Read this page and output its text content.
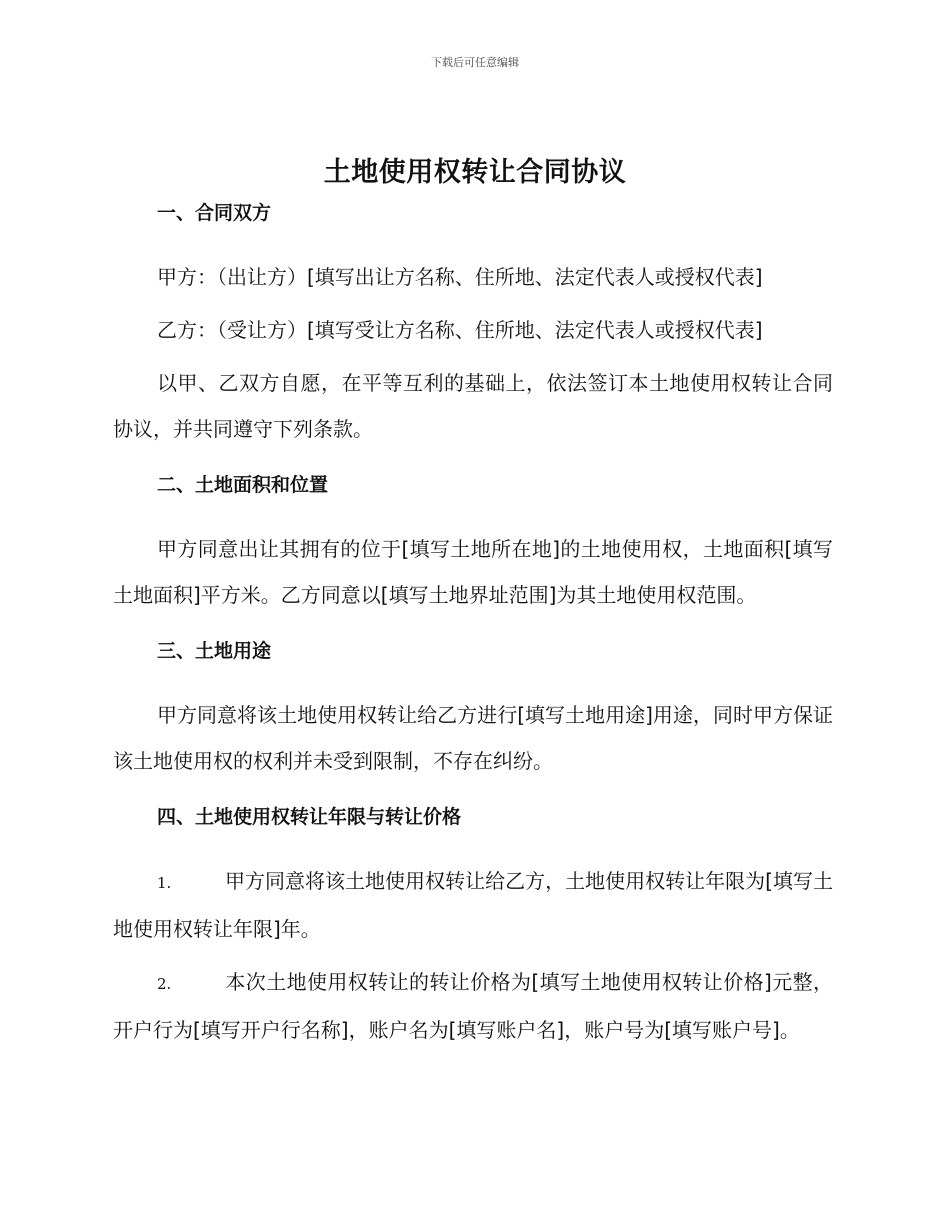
下载后可任意编辑
土地使用权转让合同协议
一、合同双方

甲方：（出让方）[填写出让方名称、住所地、法定代表人或授权代表]

乙方：（受让方）[填写受让方名称、住所地、法定代表人或授权代表]

以甲、乙双方自愿，在平等互利的基础上，依法签订本土地使用权转让合同协议，并共同遵守下列条款。

二、土地面积和位置

甲方同意出让其拥有的位于[填写土地所在地]的土地使用权，土地面积[填写土地面积]平方米。乙方同意以[填写土地界址范围]为其土地使用权范围。

三、土地用途

甲方同意将该土地使用权转让给乙方进行[填写土地用途]用途，同时甲方保证该土地使用权的权利并未受到限制，不存在纠纷。

四、土地使用权转让年限与转让价格

1.	甲方同意将该土地使用权转让给乙方，土地使用权转让年限为[填写土地使用权转让年限]年。

2.	本次土地使用权转让的转让价格为[填写土地使用权转让价格]元整，开户行为[填写开户行名称]，账户名为[填写账户名]，账户号为[填写账户号]。
